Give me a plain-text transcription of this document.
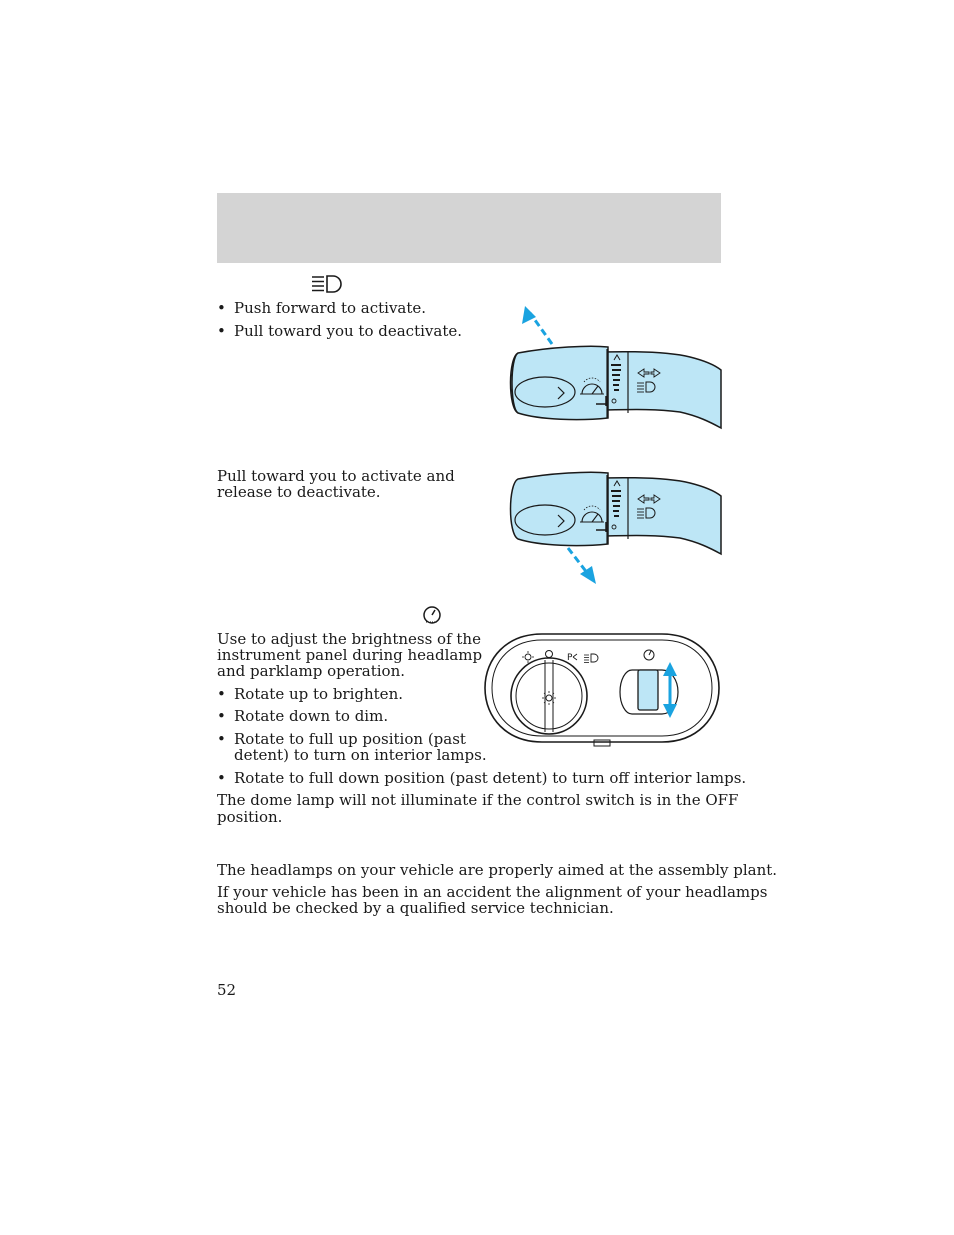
• Push forward to activate.
• Pull toward you to deactivate.
Pull toward you to activate and
release to deactivate.
Use to adjust the brightness of the
instrument panel during headlamp
and parklamp operation.
• Rotate up to brighten.
• Rotate down to dim.
• Rotate to full up position (past
detent) to turn on interior lamps.
• Rotate to full down position (past detent) to turn off interior lamps.
The dome lamp will not illuminate if the control switch is in the OFF
position.
P
The headlamps on your vehicle are properly aimed at the assembly plant.
If your vehicle has been in an accident the alignment of your headlamps
should be checked by a qualified service technician.
52
